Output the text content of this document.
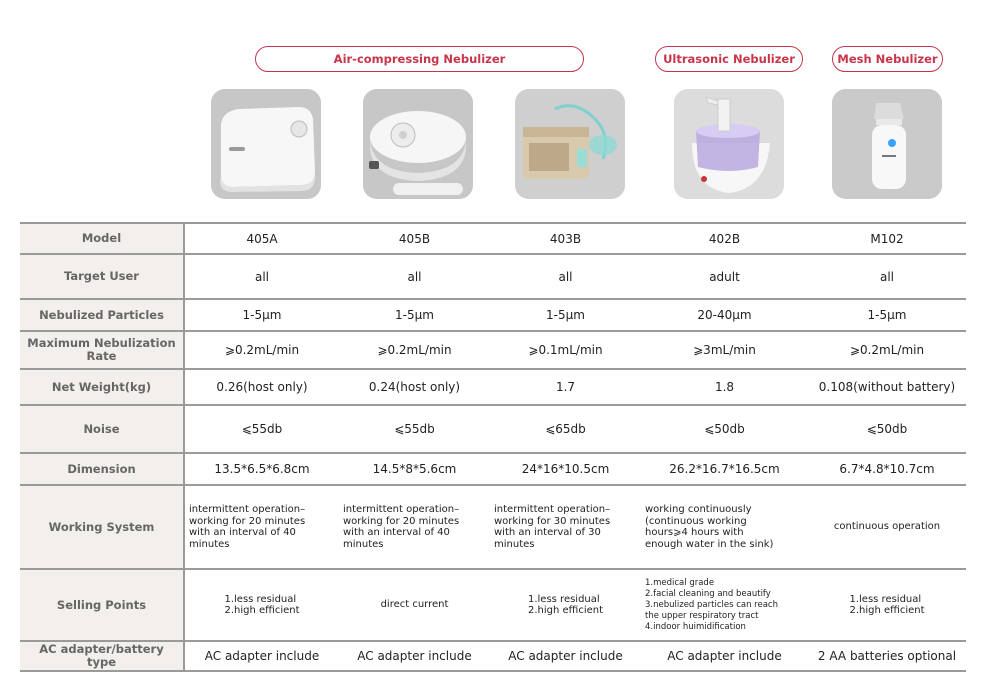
Air-compressing Nebulizer	Ultrasonic Nebulizer	Mesh Nebulizer
Model	405A	405B	403B	402B	M102
Target User	all	all	all	adult	all
Nebulized Particles	1-5μm	1-5μm	1-5μm	20-40μm	1-5μm
Maximum Nebulization Rate	⩾0.2mL/min	⩾0.2mL/min	⩾0.1mL/min	⩾3mL/min	⩾0.2mL/min
Net Weight(kg)	0.26(host only)	0.24(host only)	1.7	1.8	0.108(without battery)
Noise	⩽55db	⩽55db	⩽65db	⩽50db	⩽50db
Dimension	13.5*6.5*6.8cm	14.5*8*5.6cm	24*16*10.5cm	26.2*16.7*16.5cm	6.7*4.8*10.7cm
Working System	intermittent operation–
working for 20 minutes
with an interval of 40
minutes	intermittent operation–
working for 20 minutes
with an interval of 40
minutes	intermittent operation–
working for 30 minutes
with an interval of 30
minutes	working continuously
(continuous working
hours⩾4 hours with
enough water in the sink)	continuous operation
Selling Points	1.less residual
2.high efficient	direct current	1.less residual
2.high efficient	1.medical grade
2.facial cleaning and beautify
3.nebulized particles can reach
the upper respiratory tract
4.indoor huimidification	1.less residual
2.high efficient
AC adapter/battery type	AC adapter include	AC adapter include	AC adapter include	AC adapter include	2 AA batteries optional
